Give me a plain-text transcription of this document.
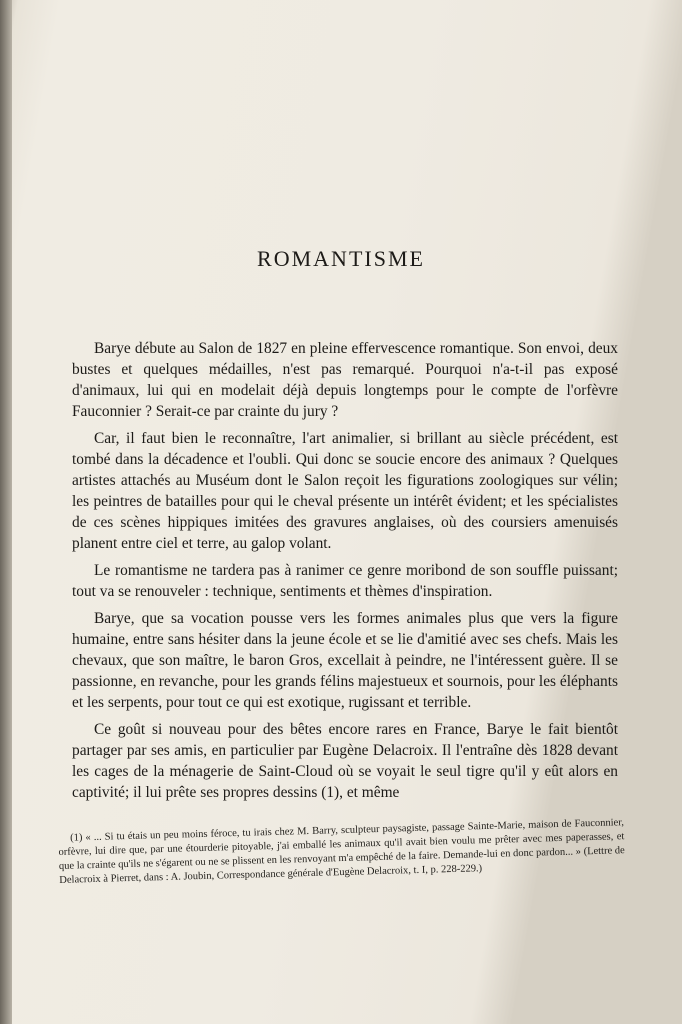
ROMANTISME

Barye débute au Salon de 1827 en pleine effervescence romantique. Son envoi, deux bustes et quelques médailles, n'est pas remarqué. Pourquoi n'a-t-il pas exposé d'animaux, lui qui en modelait déjà depuis longtemps pour le compte de l'orfèvre Fauconnier ? Serait-ce par crainte du jury ?

Car, il faut bien le reconnaître, l'art animalier, si brillant au siècle précédent, est tombé dans la décadence et l'oubli. Qui donc se soucie encore des animaux ? Quelques artistes attachés au Muséum dont le Salon reçoit les figurations zoologiques sur vélin; les peintres de batailles pour qui le cheval présente un intérêt évident; et les spécialistes de ces scènes hippiques imitées des gravures anglaises, où des coursiers amenuisés planent entre ciel et terre, au galop volant.

Le romantisme ne tardera pas à ranimer ce genre moribond de son souffle puissant; tout va se renouveler : technique, sentiments et thèmes d'inspiration.

Barye, que sa vocation pousse vers les formes animales plus que vers la figure humaine, entre sans hésiter dans la jeune école et se lie d'amitié avec ses chefs. Mais les chevaux, que son maître, le baron Gros, excellait à peindre, ne l'intéressent guère. Il se passionne, en revanche, pour les grands félins majestueux et sournois, pour les éléphants et les serpents, pour tout ce qui est exotique, rugissant et terrible.

Ce goût si nouveau pour des bêtes encore rares en France, Barye le fait bientôt partager par ses amis, en particulier par Eugène Delacroix. Il l'entraîne dès 1828 devant les cages de la ménagerie de Saint-Cloud où se voyait le seul tigre qu'il y eût alors en captivité; il lui prête ses propres dessins (1), et même

(1) « ... Si tu étais un peu moins féroce, tu irais chez M. Barry, sculpteur paysagiste, passage Sainte-Marie, maison de Fauconnier, orfèvre, lui dire que, par une étourderie pitoyable, j'ai emballé les animaux qu'il avait bien voulu me prêter avec mes paperasses, et que la crainte qu'ils ne s'égarent ou ne se plissent en les renvoyant m'a empêché de la faire. Demande-lui en donc pardon... » (Lettre de Delacroix à Pierret, dans : A. Joubin, Correspondance générale d'Eugène Delacroix, t. I, p. 228-229.)
